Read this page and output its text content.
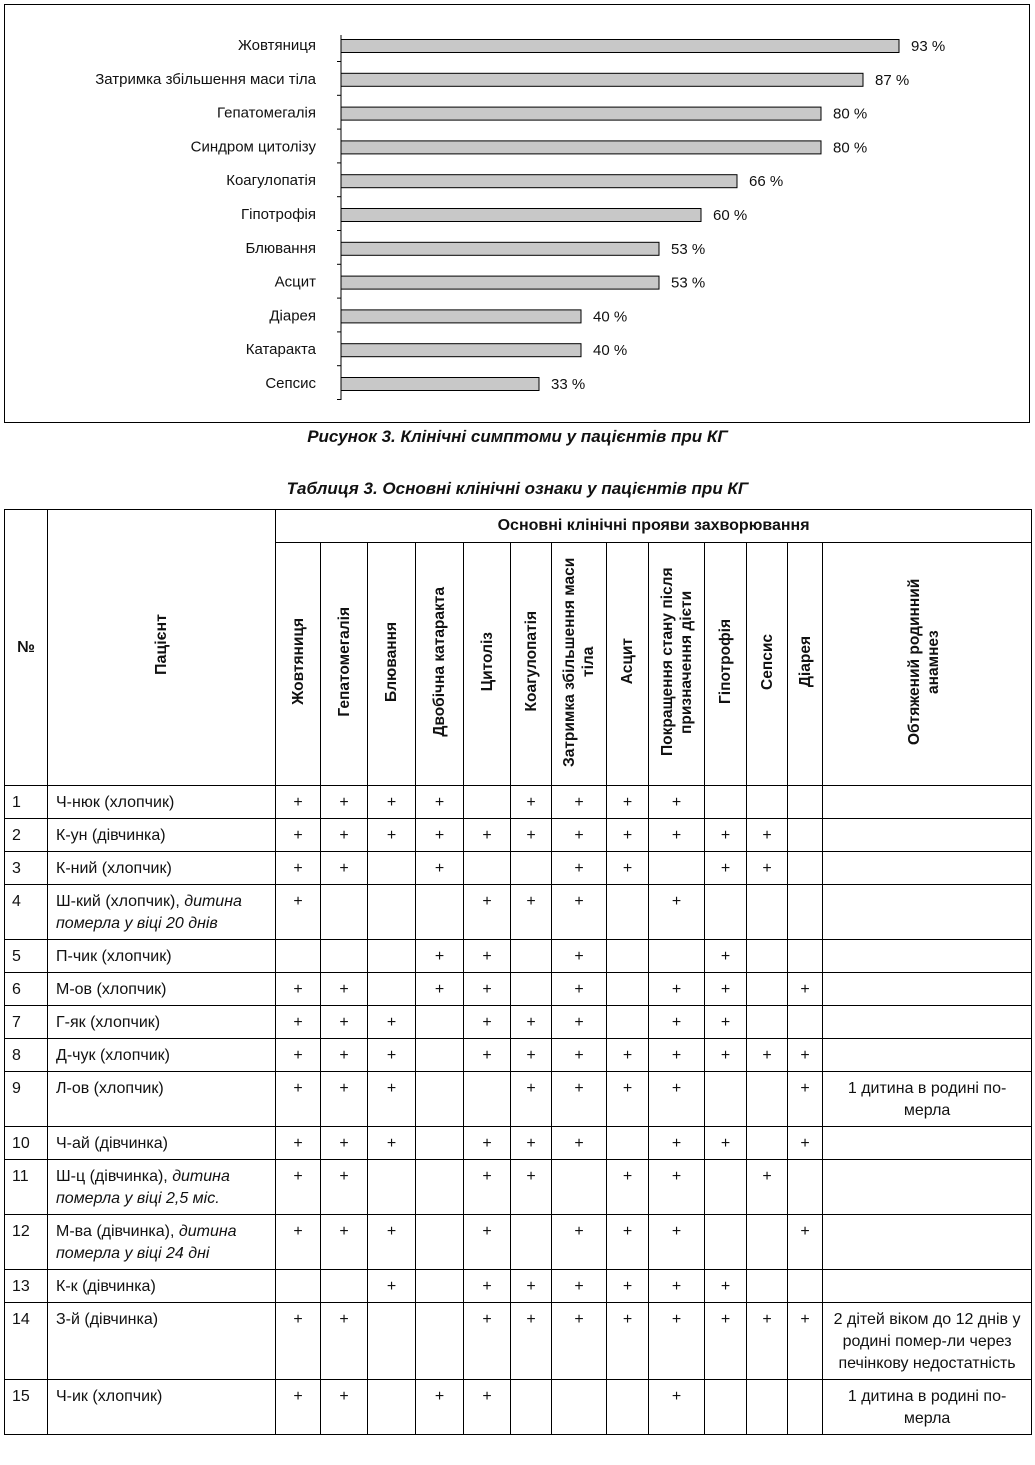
Жовтяниця	93 %
Затримка збільшення маси тіла	87 %
Гепатомегалія	80 %
Синдром цитолізу	80 %
Коагулопатія	66 %
Гіпотрофія	60 %
Блювання	53 %
Асцит	53 %
Діарея	40 %
Катаракта	40 %
Сепсис	33 %
Рисунок 3. Клінічні симптоми у пацієнтів при КГ
Таблиця 3. Основні клінічні ознаки у пацієнтів при КГ
№	Пацієнт	Основні клінічні прояви захворювання												
		Жовтяниця	Гепатомегалія	Блювання	Двобічна катаракта	Цитоліз	Коагулопатія	Затримка збільшення маси тіла	Асцит	Покращення стану після призначення дієти	Гіпотрофія	Сепсис	Діарея	Обтяжений родинний анамнез
1	Ч-нюк (хлопчик)	+	+	+	+		+	+	+	+				
2	К-ун (дівчинка)	+	+	+	+	+	+	+	+	+	+	+		
3	К-ний (хлопчик)	+	+		+			+	+		+	+		
4	Ш-кий (хлопчик), дитина померла у віці 20 днів	+				+	+	+		+				
5	П-чик (хлопчик)				+	+		+			+			
6	М-ов (хлопчик)	+	+		+	+		+		+	+		+	
7	Г-як (хлопчик)	+	+	+		+	+	+		+	+			
8	Д-чук (хлопчик)	+	+	+		+	+	+	+	+	+	+	+	
9	Л-ов (хлопчик)	+	+	+			+	+	+	+			+	1 дитина в родині по-мерла
10	Ч-ай (дівчинка)	+	+	+		+	+	+		+	+		+	
11	Ш-ц (дівчинка), дитина померла у віці 2,5 міс.	+	+			+	+		+	+		+		
12	М-ва (дівчинка), дитина померла у віці 24 дні	+	+	+		+		+	+	+			+	
13	К-к (дівчинка)			+		+	+	+	+	+	+			
14	З-й (дівчинка)	+	+			+	+	+	+	+	+	+	+	2 дітей віком до 12 днів у родині помер-ли через печінкову недостатність
15	Ч-ик (хлопчик)	+	+		+	+				+				1 дитина в родині по-мерла
